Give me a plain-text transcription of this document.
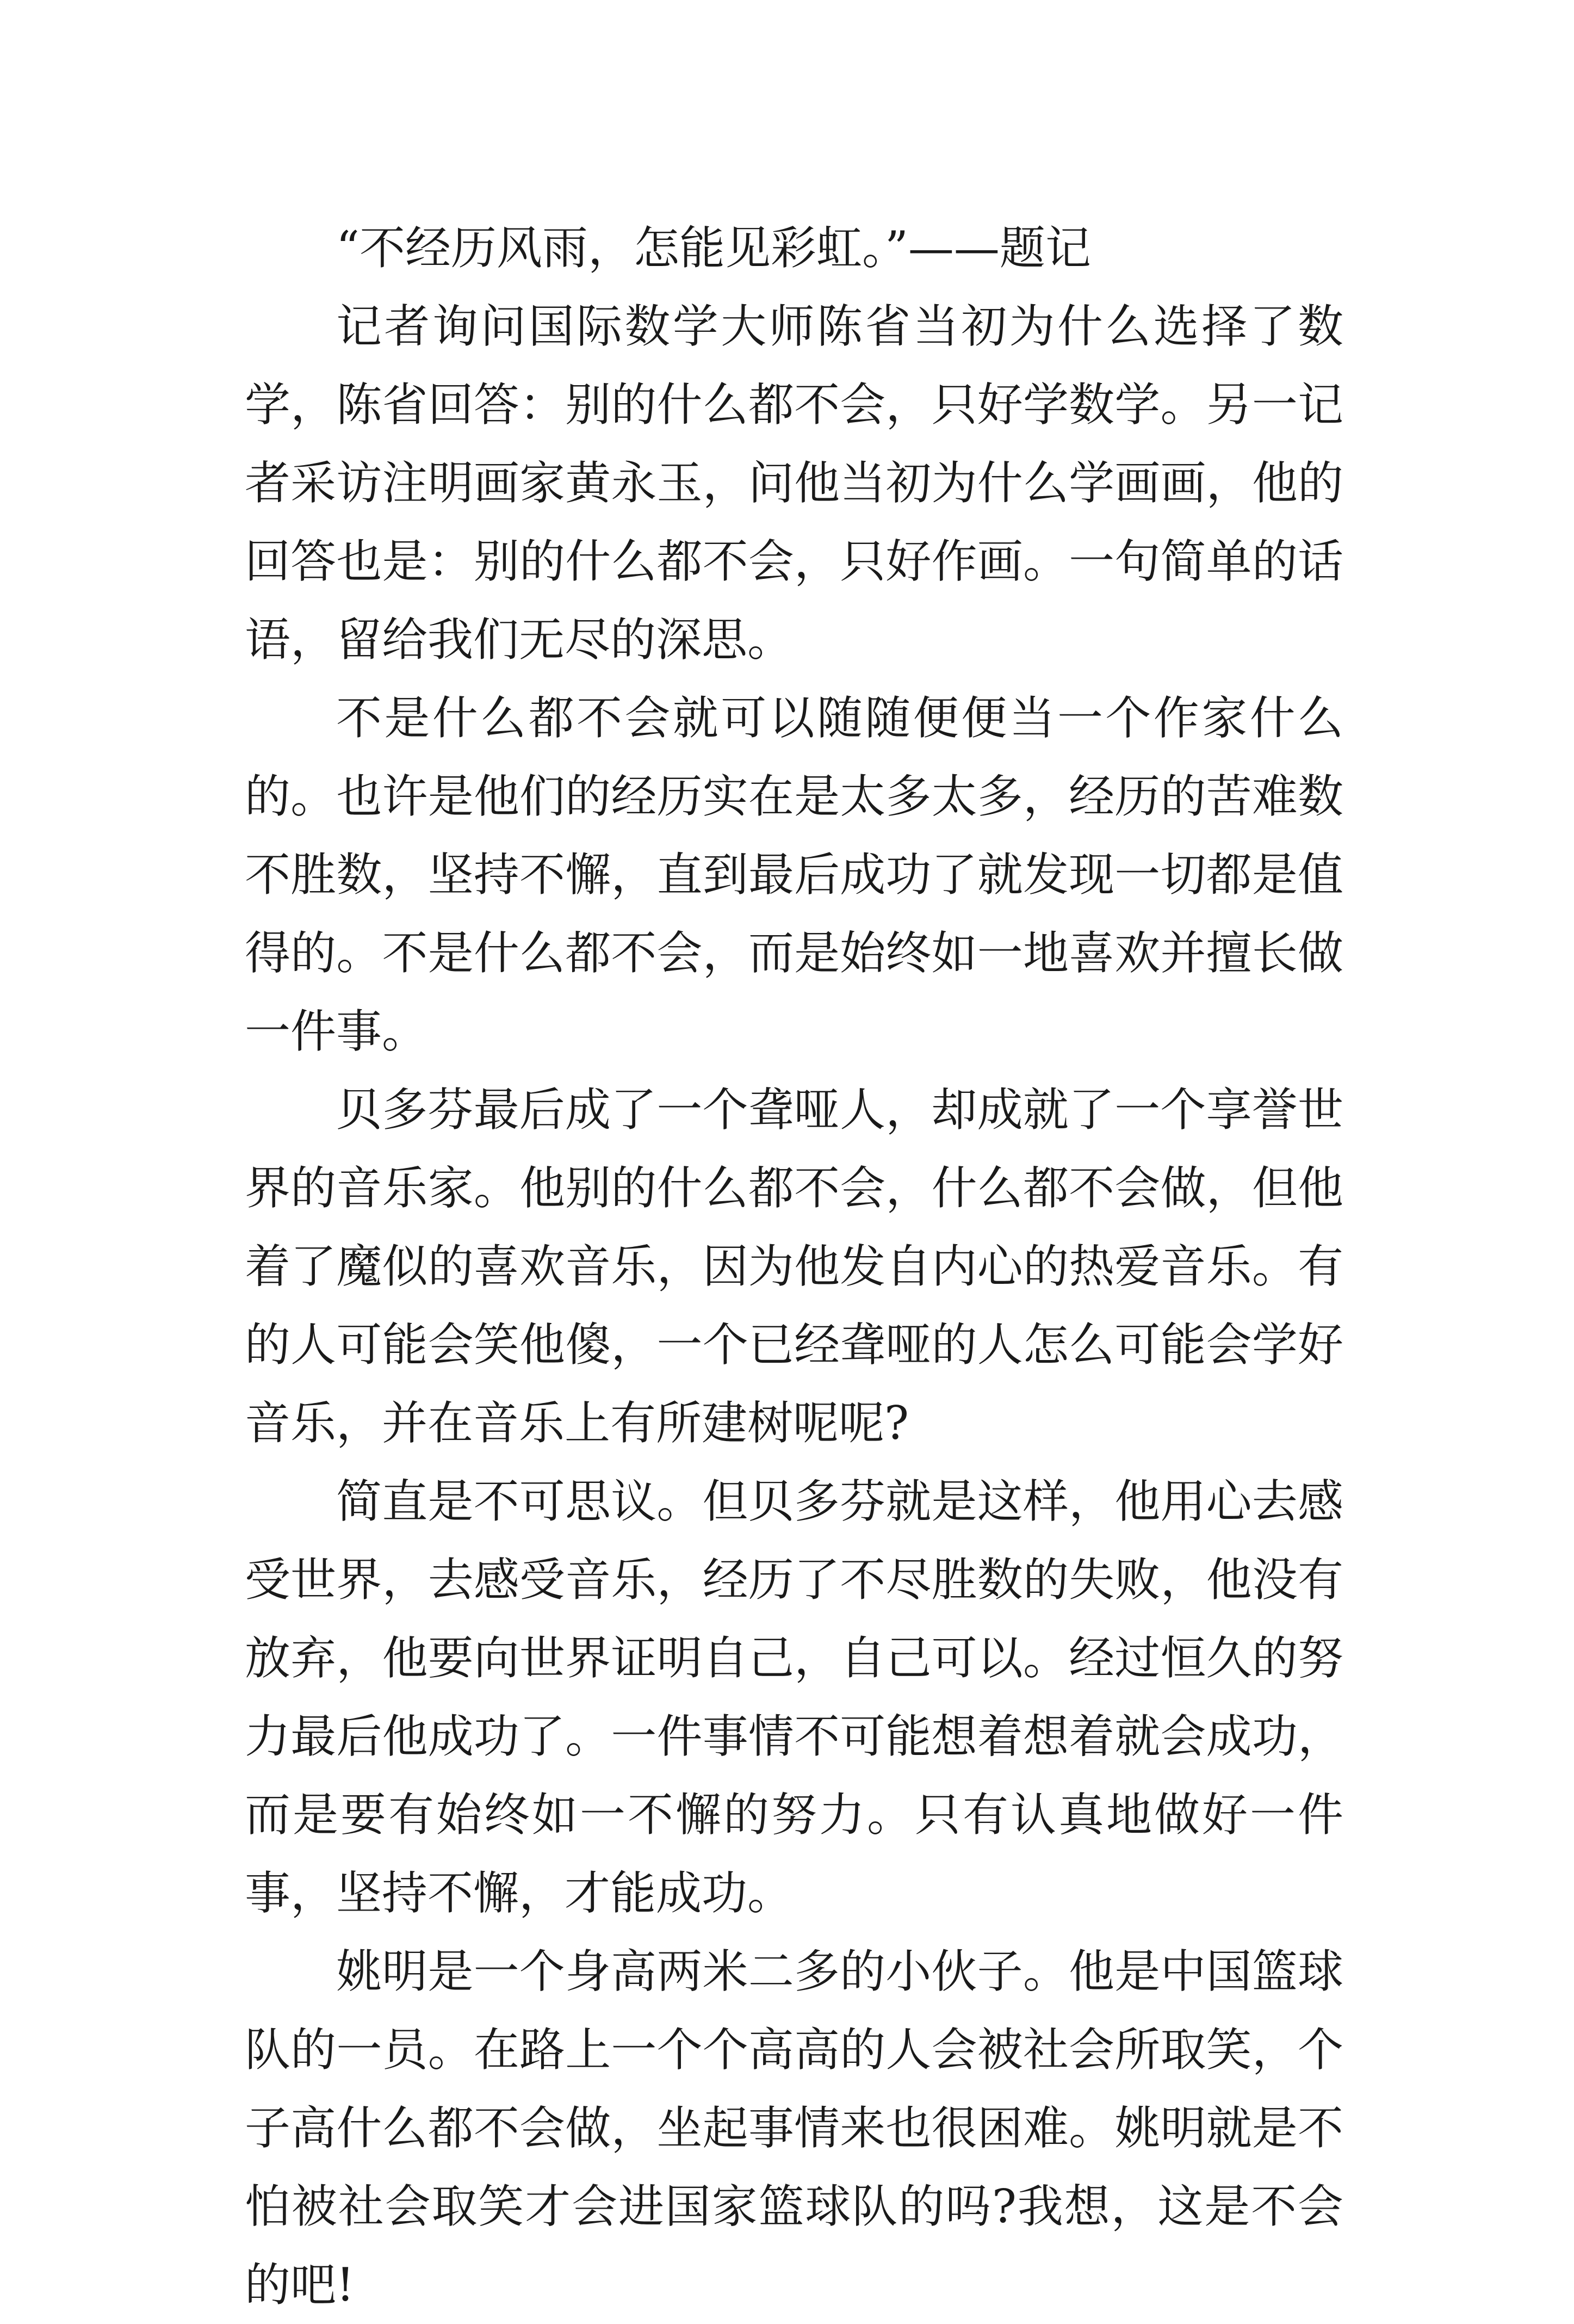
“不经历风雨，怎能见彩虹。”——题记

记者询问国际数学大师陈省当初为什么选择了数学，陈省回答：别的什么都不会，只好学数学。另一记者采访注明画家黄永玉，问他当初为什么学画画，他的回答也是：别的什么都不会，只好作画。一句简单的话语，留给我们无尽的深思。

不是什么都不会就可以随随便便当一个作家什么的。也许是他们的经历实在是太多太多，经历的苦难数不胜数，坚持不懈，直到最后成功了就发现一切都是值得的。不是什么都不会，而是始终如一地喜欢并擅长做一件事。

贝多芬最后成了一个聋哑人，却成就了一个享誉世界的音乐家。他别的什么都不会，什么都不会做，但他着了魔似的喜欢音乐，因为他发自内心的热爱音乐。有的人可能会笑他傻，一个已经聋哑的人怎么可能会学好音乐，并在音乐上有所建树呢呢?

简直是不可思议。但贝多芬就是这样，他用心去感受世界，去感受音乐，经历了不尽胜数的失败，他没有放弃，他要向世界证明自己，自己可以。经过恒久的努力最后他成功了。一件事情不可能想着想着就会成功，而是要有始终如一不懈的努力。只有认真地做好一件事，坚持不懈，才能成功。

姚明是一个身高两米二多的小伙子。他是中国篮球队的一员。在路上一个个高高的人会被社会所取笑，个子高什么都不会做，坐起事情来也很困难。姚明就是不怕被社会取笑才会进国家篮球队的吗?我想，这是不会的吧!
